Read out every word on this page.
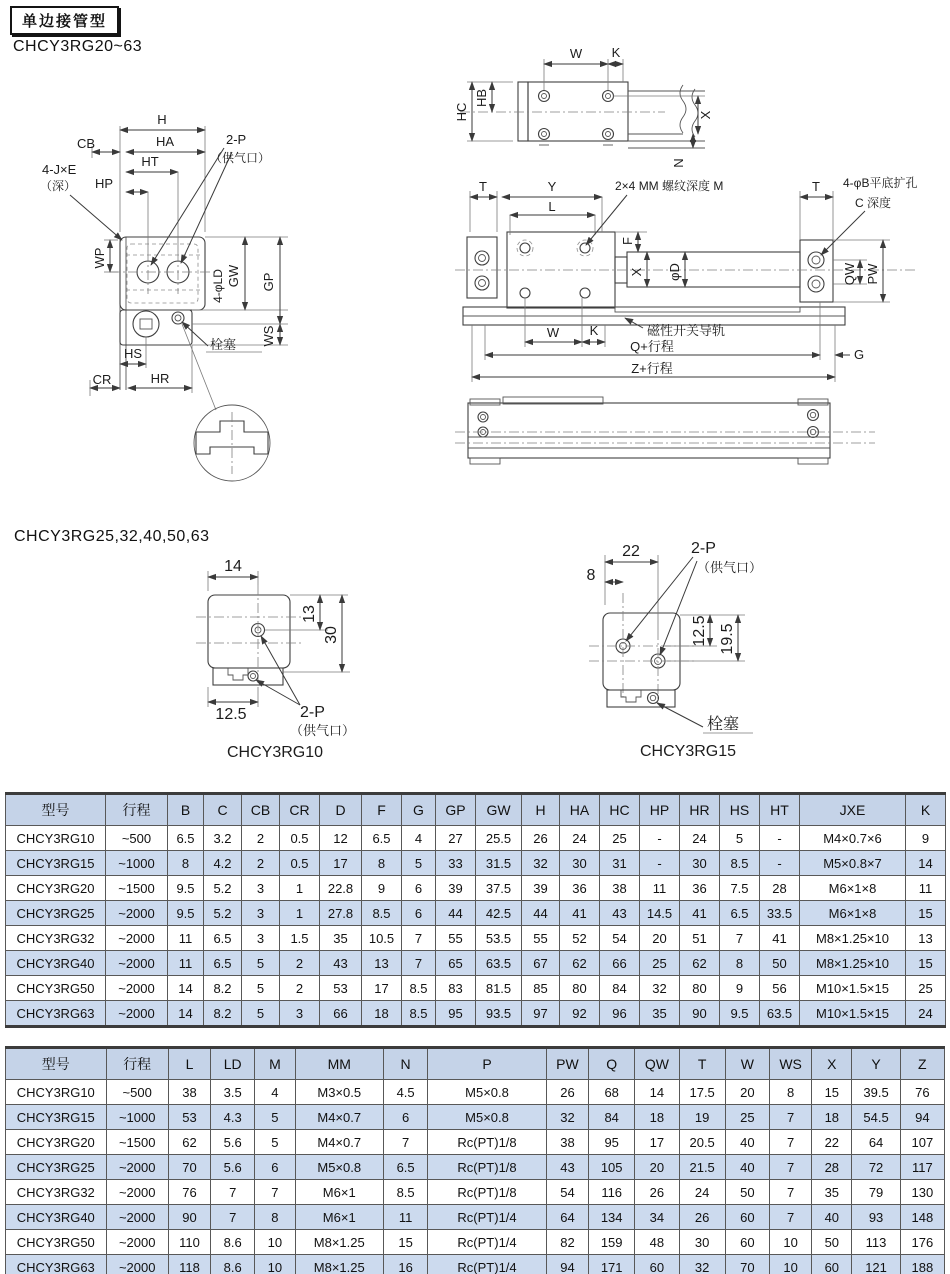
单边接管型
CHCY3RG20~63
CHCY3RG25,32,40,50,63
H
CB	HA
HT
HP
4-J×E
（深）
2-P
（供气口）
WP
GW GP
4-φLD
WS
栓塞
HS
CR	HR
W K
HC
HB
X
N
T	Y
L
2×4 MM 螺纹深度 M
F
X φD
T 4-φB平底扩孔
C 深度
QW PW
W K	磁性开关导轨
Q+行程
G
Z+行程
14
13
30
12.5	2-P
（供气口）
CHCY3RG10
22
8
2-P
（供气口）
12.5 19.5
栓塞
CHCY3RG15
型号	行程	B	C	CB	CR	D	F	G	GP	GW	H	HA	HC	HP	HR	HS	HT	JXE	K
CHCY3RG10	~500	6.5	3.2	2	0.5	12	6.5	4	27	25.5	26	24	25	-	24	5	-	M4×0.7×6	9
CHCY3RG15	~1000	8	4.2	2	0.5	17	8	5	33	31.5	32	30	31	-	30	8.5	-	M5×0.8×7	14
CHCY3RG20	~1500	9.5	5.2	3	1	22.8	9	6	39	37.5	39	36	38	11	36	7.5	28	M6×1×8	11
CHCY3RG25	~2000	9.5	5.2	3	1	27.8	8.5	6	44	42.5	44	41	43	14.5	41	6.5	33.5	M6×1×8	15
CHCY3RG32	~2000	11	6.5	3	1.5	35	10.5	7	55	53.5	55	52	54	20	51	7	41	M8×1.25×10	13
CHCY3RG40	~2000	11	6.5	5	2	43	13	7	65	63.5	67	62	66	25	62	8	50	M8×1.25×10	15
CHCY3RG50	~2000	14	8.2	5	2	53	17	8.5	83	81.5	85	80	84	32	80	9	56	M10×1.5×15	25
CHCY3RG63	~2000	14	8.2	5	3	66	18	8.5	95	93.5	97	92	96	35	90	9.5	63.5	M10×1.5×15	24
型号	行程	L	LD	M	MM	N	P	PW	Q	QW	T	W	WS	X	Y	Z
CHCY3RG10	~500	38	3.5	4	M3×0.5	4.5	M5×0.8	26	68	14	17.5	20	8	15	39.5	76
CHCY3RG15	~1000	53	4.3	5	M4×0.7	6	M5×0.8	32	84	18	19	25	7	18	54.5	94
CHCY3RG20	~1500	62	5.6	5	M4×0.7	7	Rc(PT)1/8	38	95	17	20.5	40	7	22	64	107
CHCY3RG25	~2000	70	5.6	6	M5×0.8	6.5	Rc(PT)1/8	43	105	20	21.5	40	7	28	72	117
CHCY3RG32	~2000	76	7	7	M6×1	8.5	Rc(PT)1/8	54	116	26	24	50	7	35	79	130
CHCY3RG40	~2000	90	7	8	M6×1	11	Rc(PT)1/4	64	134	34	26	60	7	40	93	148
CHCY3RG50	~2000	110	8.6	10	M8×1.25	15	Rc(PT)1/4	82	159	48	30	60	10	50	113	176
CHCY3RG63	~2000	118	8.6	10	M8×1.25	16	Rc(PT)1/4	94	171	60	32	70	10	60	121	188
